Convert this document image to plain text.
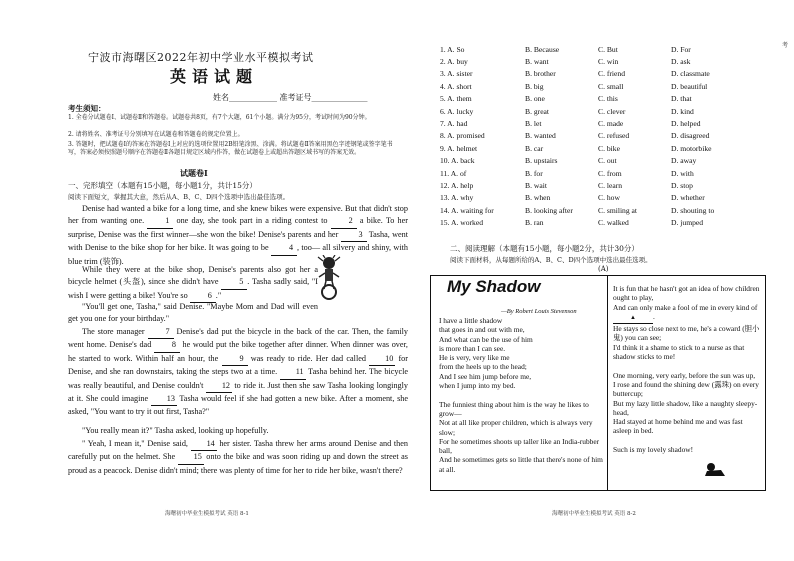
宁波市海曙区2022年初中学业水平模拟考试
英语试题
姓名____________ 准考证号______________
考生须知：
1. 全卷分试题卷Ⅰ、试题卷Ⅱ和答题卷。试题卷共8页，有7个大题，61个小题。满分为95分，考试时间为90分钟。
2. 请将姓名、准考证号分别填写在试题卷和答题卷的规定位置上。
3. 答题时，把试题卷Ⅰ的答案在答题卷Ⅰ上对应的选项位置用2B铅笔涂黑、涂满。将试题卷Ⅱ答案用黑色字迹钢笔或签字笔书写，答案必须按照题号顺序在答题卷Ⅱ各题目规定区域内作答，做在试题卷上或超出答题区域书写的答案无效。
试题卷Ⅰ
一、完形填空（本题有15小题，每小题1分，共计15分）
阅读下面短文，掌握其大意，然后从A、B、C、D四个选项中选出最佳选项。
Denise had wanted a bike for a long time, and she knew bikes were expensive. But that didn't stop her from wanting one. 1 one day, she took part in a riding contest to 2 a bike. To her surprise, Denise was the first winner—she won the bike! Denise's parents and her 3 Tasha, went with Denise to the bike shop for her bike. It was going to be 4 , too— all silvery and shiny, with blue trim (装饰).
While they were at the bike shop, Denise's parents also got her a bicycle helmet (头盔), since she didn't have 5 . Tasha sadly said, "I wish I were getting a bike! You're so 6 ."
"You'll get one, Tasha," said Denise. "Maybe Mom and Dad will even get you one for your birthday."
The store manager 7 Denise's dad put the bicycle in the back of the car. Then, the family went home. Denise's dad 8 he would put the bike together after dinner. When dinner was over, he started to work. Within half an hour, the 9 was ready to ride. Her dad called 10 for Denise, and she ran downstairs, taking the steps two at a time. 11 Tasha behind her. The bicycle was really beautiful, and Denise couldn't 12 to ride it. Just then she saw Tasha looking longingly at it. She could imagine 13 Tasha would feel if she had gotten a new bike. After a moment, she asked, "You want to try it out first, Tasha?"
"You really mean it?" Tasha asked, looking up hopefully.
" Yeah, I mean it," Denise said, 14 her sister. Tasha threw her arms around Denise and then carefully put on the helmet. She 15 onto the bike and was soon riding up and down the street as proud as a peacock. Denise didn't mind; there was plenty of time for her to ride her bike, wasn't there?
海曙初中毕业生模拟考试 英语 8-1
考
1. A. So	B. Because	C. But	D. For
2. A. buy	B. want	C. win	D. ask
3. A. sister	B. brother	C. friend	D. classmate
4. A. short	B. big	C. small	D. beautiful
5. A. them	B. one	C. this	D. that
6. A. lucky	B. great	C. clever	D. kind
7. A. had	B. let	C. made	D. helped
8. A. promised	B. wanted	C. refused	D. disagreed
9. A. helmet	B. car	C. bike	D. motorbike
10. A. back	B. upstairs	C. out	D. away
11. A. of	B. for	C. from	D. with
12. A. help	B. wait	C. learn	D. stop
13. A. why	B. when	C. how	D. whether
14. A. waiting for	B. looking after	C. smiling at	D. shouting to
15. A. worked	B. ran	C. walked	D. jumped
二、阅读理解（本题有15小题，每小题2分，共计30分）
阅读下面材料，从每题所给的A、B、C、D四个选项中选出最佳选项。
(A)
My Shadow
—By Robert Louis Stevenson
I have a little shadow
that goes in and out with me,
And what can be the use of him
is more than I can see.
He is very, very like me
from the heels up to the head;
And I see him jump before me,
when I jump into my bed.

The funniest thing about him is the way he likes to grow—
Not at all like proper children, which is always very slow;
For he sometimes shoots up taller like an India-rubber ball,
And he sometimes gets so little that there's none of him at all.
It is fun that he hasn't got an idea of how children ought to play,
And can only make a fool of me in every kind of ▲ .
He stays so close next to me, he's a coward (胆小鬼) you can see;
I'd think it a shame to stick to a nurse as that shadow sticks to me!

One morning, very early, before the sun was up,
I rose and found the shining dew (露珠) on every buttercup;
But my lazy little shadow, like a naughty sleepy-head,
Had stayed at home behind me and was fast asleep in bed.

Such is my lovely shadow!
海曙初中毕业生模拟考试 英语 8-2
